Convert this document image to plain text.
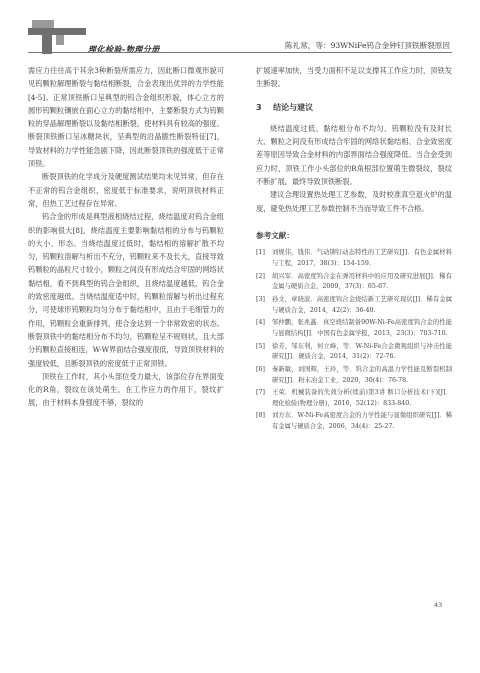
理化检验-物理分册	陈礼常，等：93WNiFe钨合金钟钉顶铁断裂原因

需应力往往高于其余3种断裂所需应力，因此断口微观形貌可见钨颗粒解理断裂与黏结相断裂，合金表现出优异的力学性能[4-5]。正常顶铁断口呈典型的钨合金组织形貌，体心立方的圆形钨颗粒镶嵌在面心立方的黏结相中，主要断裂方式为钨颗粒的穿晶解理断裂以及黏结相断裂，使材料具有较高的强度。断裂顶铁断口呈冰糖块状，呈典型的沿晶脆性断裂特征[7]，导致材料的力学性能急剧下降，因此断裂顶铁的强度低于正常顶铁。

断裂顶铁的化学成分及硬度测试结果均未见异常，但存在不正常的钨合金组织，密度低于标准要求，说明顶铁材料正常，但热工艺过程存在异常。

钨合金的形成是典型液相烧结过程，烧结温度对钨合金组织的影响很大[8]，烧结温度主要影响黏结相的分布与钨颗粒的大小、形态。当烧结温度过低时，黏结相的溶解扩散不均匀，钨颗粒溶解与析出不充分，钨颗粒来不及长大，直接导致钨颗粒的晶粒尺寸较小，颗粒之间没有形成结合牢固的网络状黏结相，看不到典型的钨合金组织，且烧结温度越低，钨合金的致密度越低。当烧结温度适中时，钨颗粒溶解与析出过程充分，可使球形钨颗粒均匀分布于黏结相中，且由于毛细管力的作用，钨颗粒会重新排列，使合金达到一个非常致密的状态。断裂顶铁中的黏结相分布不均匀，钨颗粒呈不规则状，且大部分钨颗粒直接相连，W-W界面结合强度很低，导致顶铁材料的强度较低，且断裂顶铁的密度低于正常顶铁。

顶铁在工作时，其小头部位受力最大，该部位存在界面变化的R角，裂纹在该处萌生，在工作应力的作用下，裂纹扩展，由于材料本身强度不够，裂纹的

扩展速率加快，当受力面积不足以支撑其工作应力时，顶铁发生断裂。

3 结论与建议

烧结温度过低、黏结相分布不均匀、钨颗粒没有及时长大、颗粒之间没有形成结合牢固的网络状黏结相、合金致密度差等原因导致合金材料的内部界面结合强度降低。当合金受到应力时，顶铁工作小头部位的R角根部位置萌生微裂纹，裂纹不断扩展，最终导致顶铁断裂。

建议合理设置热处理工艺参数，及时校准真空退火炉的温度，避免热处理工艺参数控制不当而导致工件不合格。

参考文献：
[1]	刘规伟，钱伟．气动铆钉动态特性的工艺研究[J]．有色金属材料与工程，2017，38(3)：154-159.
[2]	胡兴军．高密度钨合金在弹用材料中的应用及研究进展[J]．稀有金属与硬质合金，2009，37(3)：65-67.
[3]	孙文，章晓波．高密度钨合金烧结新工艺研究现状[J]．稀有金属与硬质合金，2014，42(2)：36-40.
[4]	邹仲鹏，张兆鑫．真空烧结制备90W-Ni-Fe高密度钨合金的性能与显微结构[J]．中国有色金属学报，2013，23(3)：703-710.
[5]	徐芳，邹东利，何立峰，等．W-Ni-Fe合金微观组织与冲击性能研究[J]．硬质合金，2014，31(2)：72-76.
[6]	秦新敏，刘国辉，王玲，等．钨合金的高温力学性能及断裂机制研究[J]．粉末冶金工业，2020，30(4)：76-78.
[7]	王荣．机械装备的失效分析(续前)第3讲 断口分析技术(下)[J]．理化检验(物理分册)，2016，52(12)：833-840.
[8]	刘方东．W-Ni-Fe高密度合金的力学性能与显微组织研究[J]．稀有金属与硬质合金，2006，34(4)：25-27.
43
